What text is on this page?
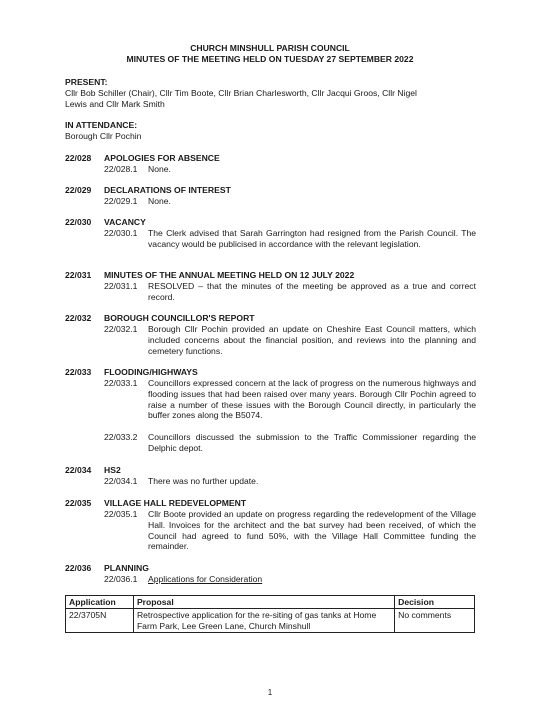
CHURCH MINSHULL PARISH COUNCIL
MINUTES OF THE MEETING HELD ON TUESDAY 27 SEPTEMBER 2022
PRESENT:
Cllr Bob Schiller (Chair), Cllr Tim Boote, Cllr Brian Charlesworth, Cllr Jacqui Groos, Cllr Nigel
Lewis and Cllr Mark Smith
IN ATTENDANCE:
Borough Cllr Pochin
22/028 APOLOGIES FOR ABSENCE
22/028.1 None.
22/029 DECLARATIONS OF INTEREST
22/029.1 None.
22/030 VACANCY
22/030.1 The Clerk advised that Sarah Garrington had resigned from the Parish Council. The vacancy would be publicised in accordance with the relevant legislation.
22/031 MINUTES OF THE ANNUAL MEETING HELD ON 12 JULY 2022
22/031.1 RESOLVED – that the minutes of the meeting be approved as a true and correct record.
22/032 BOROUGH COUNCILLOR'S REPORT
22/032.1 Borough Cllr Pochin provided an update on Cheshire East Council matters, which included concerns about the financial position, and reviews into the planning and cemetery functions.
22/033 FLOODING/HIGHWAYS
22/033.1 Councillors expressed concern at the lack of progress on the numerous highways and flooding issues that had been raised over many years. Borough Cllr Pochin agreed to raise a number of these issues with the Borough Council directly, in particularly the buffer zones along the B5074.
22/033.2 Councillors discussed the submission to the Traffic Commissioner regarding the Delphic depot.
22/034 HS2
22/034.1 There was no further update.
22/035 VILLAGE HALL REDEVELOPMENT
22/035.1 Cllr Boote provided an update on progress regarding the redevelopment of the Village Hall. Invoices for the architect and the bat survey had been received, of which the Council had agreed to fund 50%, with the Village Hall Committee funding the remainder.
22/036 PLANNING
22/036.1 Applications for Consideration
Application	Proposal	Decision
22/3705N	Retrospective application for the re-siting of gas tanks at Home Farm Park, Lee Green Lane, Church Minshull	No comments
1
